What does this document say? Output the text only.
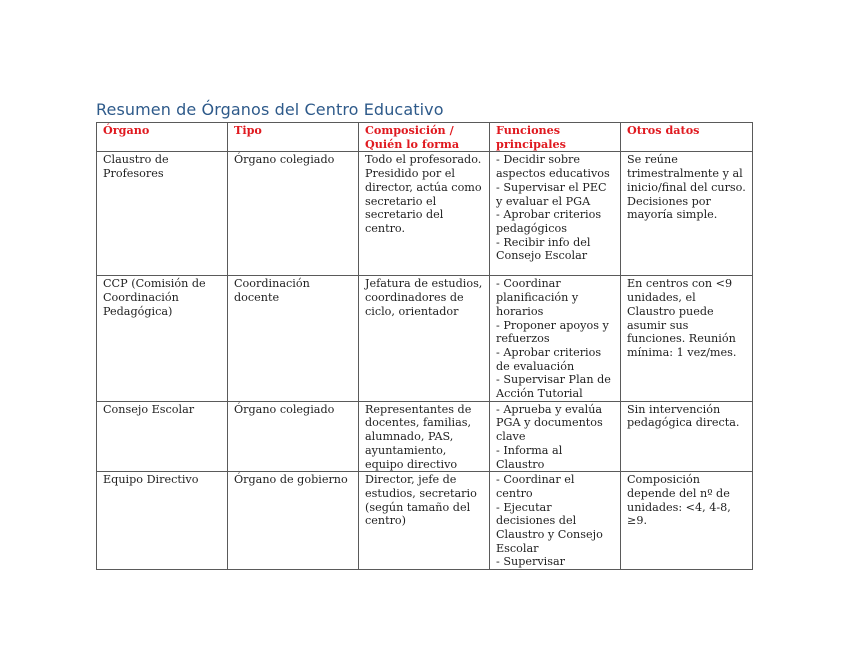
Resumen de Órganos del Centro Educativo
Órgano	Tipo	Composición / Quién lo forma	Funciones principales	Otros datos

Claustro de Profesores	Órgano colegiado	Todo el profesorado. Presidido por el director, actúa como secretario el secretario del centro.	- Decidir sobre aspectos educativos
- Supervisar el PEC y evaluar el PGA
- Aprobar criterios pedagógicos
- Recibir info del Consejo Escolar	Se reúne trimestralmente y al inicio/final del curso. Decisiones por mayoría simple.

CCP (Comisión de Coordinación Pedagógica)	Coordinación docente	Jefatura de estudios, coordinadores de ciclo, orientador	- Coordinar planificación y horarios
- Proponer apoyos y refuerzos
- Aprobar criterios de evaluación
- Supervisar Plan de Acción Tutorial	En centros con <9 unidades, el Claustro puede asumir sus funciones. Reunión mínima: 1 vez/mes.

Consejo Escolar	Órgano colegiado	Representantes de docentes, familias, alumnado, PAS, ayuntamiento, equipo directivo	- Aprueba y evalúa PGA y documentos clave
- Informa al Claustro	Sin intervención pedagógica directa.

Equipo Directivo	Órgano de gobierno	Director, jefe de estudios, secretario (según tamaño del centro)	- Coordinar el centro
- Ejecutar decisiones del Claustro y Consejo Escolar
- Supervisar	Composición depende del nº de unidades: <4, 4-8, ≥9.
